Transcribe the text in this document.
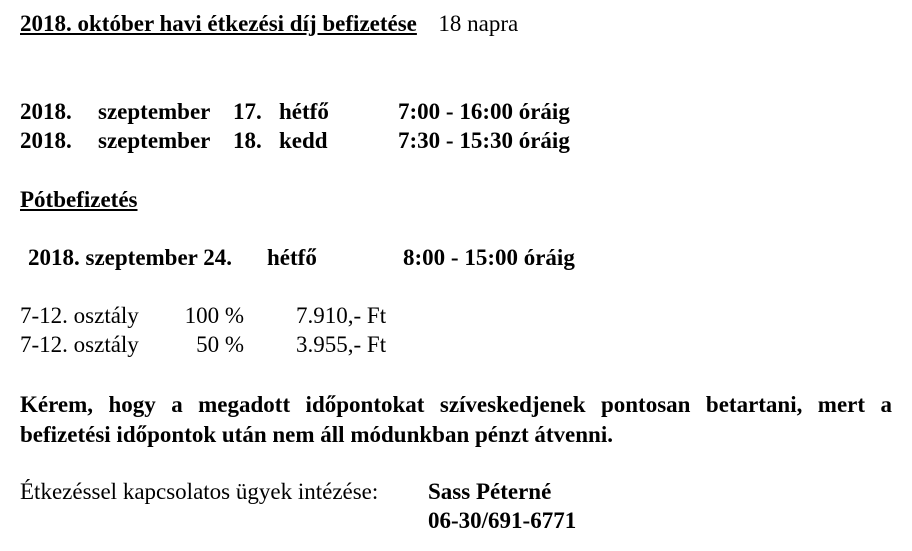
2018. október havi étkezési díj befizetése 18 napra
2018. szeptember 17. hétfő	7:00 - 16:00 óráig
2018. szeptember 18. kedd	7:30 - 15:30 óráig
Pótbefizetés
2018. szeptember 24. hétfő	8:00 - 15:00 óráig
7-12. osztály 100 % 7.910,- Ft
7-12. osztály	50 % 3.955,- Ft
Kérem, hogy a megadott időpontokat szíveskedjenek pontosan betartani, mert a befizetési időpontok után nem áll módunkban pénzt átvenni.
Étkezéssel kapcsolatos ügyek intézése: Sass Péterné
06-30/691-6771
